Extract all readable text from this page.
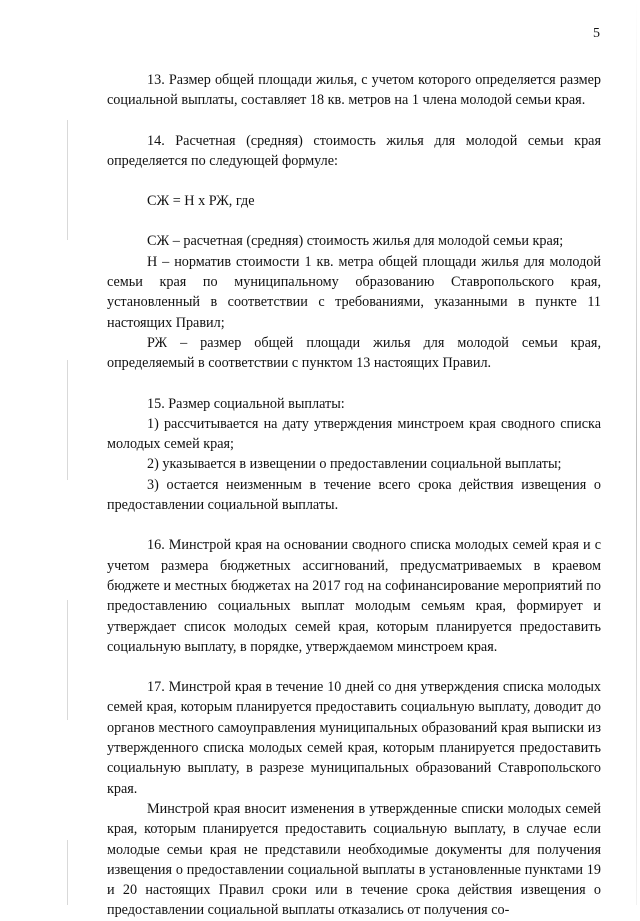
5

13. Размер общей площади жилья, с учетом которого определяется размер социальной выплаты, составляет 18 кв. метров на 1 члена молодой семьи края.

14. Расчетная (средняя) стоимость жилья для молодой семьи края определяется по следующей формуле:

СЖ = Н х РЖ, где

СЖ – расчетная (средняя) стоимость жилья для молодой семьи края;

Н – норматив стоимости 1 кв. метра общей площади жилья для молодой семьи края по муниципальному образованию Ставропольского края, установленный в соответствии с требованиями, указанными в пункте 11 настоящих Правил;

РЖ – размер общей площади жилья для молодой семьи края, определяемый в соответствии с пунктом 13 настоящих Правил.

15. Размер социальной выплаты:

1) рассчитывается на дату утверждения минстроем края сводного списка молодых семей края;

2) указывается в извещении о предоставлении социальной выплаты;

3) остается неизменным в течение всего срока действия извещения о предоставлении социальной выплаты.

16. Минстрой края на основании сводного списка молодых семей края и с учетом размера бюджетных ассигнований, предусматриваемых в краевом бюджете и местных бюджетах на 2017 год на софинансирование мероприятий по предоставлению социальных выплат молодым семьям края, формирует и утверждает список молодых семей края, которым планируется предоставить социальную выплату, в порядке, утверждаемом минстроем края.

17. Минстрой края в течение 10 дней со дня утверждения списка молодых семей края, которым планируется предоставить социальную выплату, доводит до органов местного самоуправления муниципальных образований края выписки из утвержденного списка молодых семей края, которым планируется предоставить социальную выплату, в разрезе муниципальных образований Ставропольского края.

Минстрой края вносит изменения в утвержденные списки молодых семей края, которым планируется предоставить социальную выплату, в случае если молодые семьи края не представили необходимые документы для получения извещения о предоставлении социальной выплаты в установленные пунктами 19 и 20 настоящих Правил сроки или в течение срока действия извещения о предоставлении социальной выплаты отказались от получения со-
